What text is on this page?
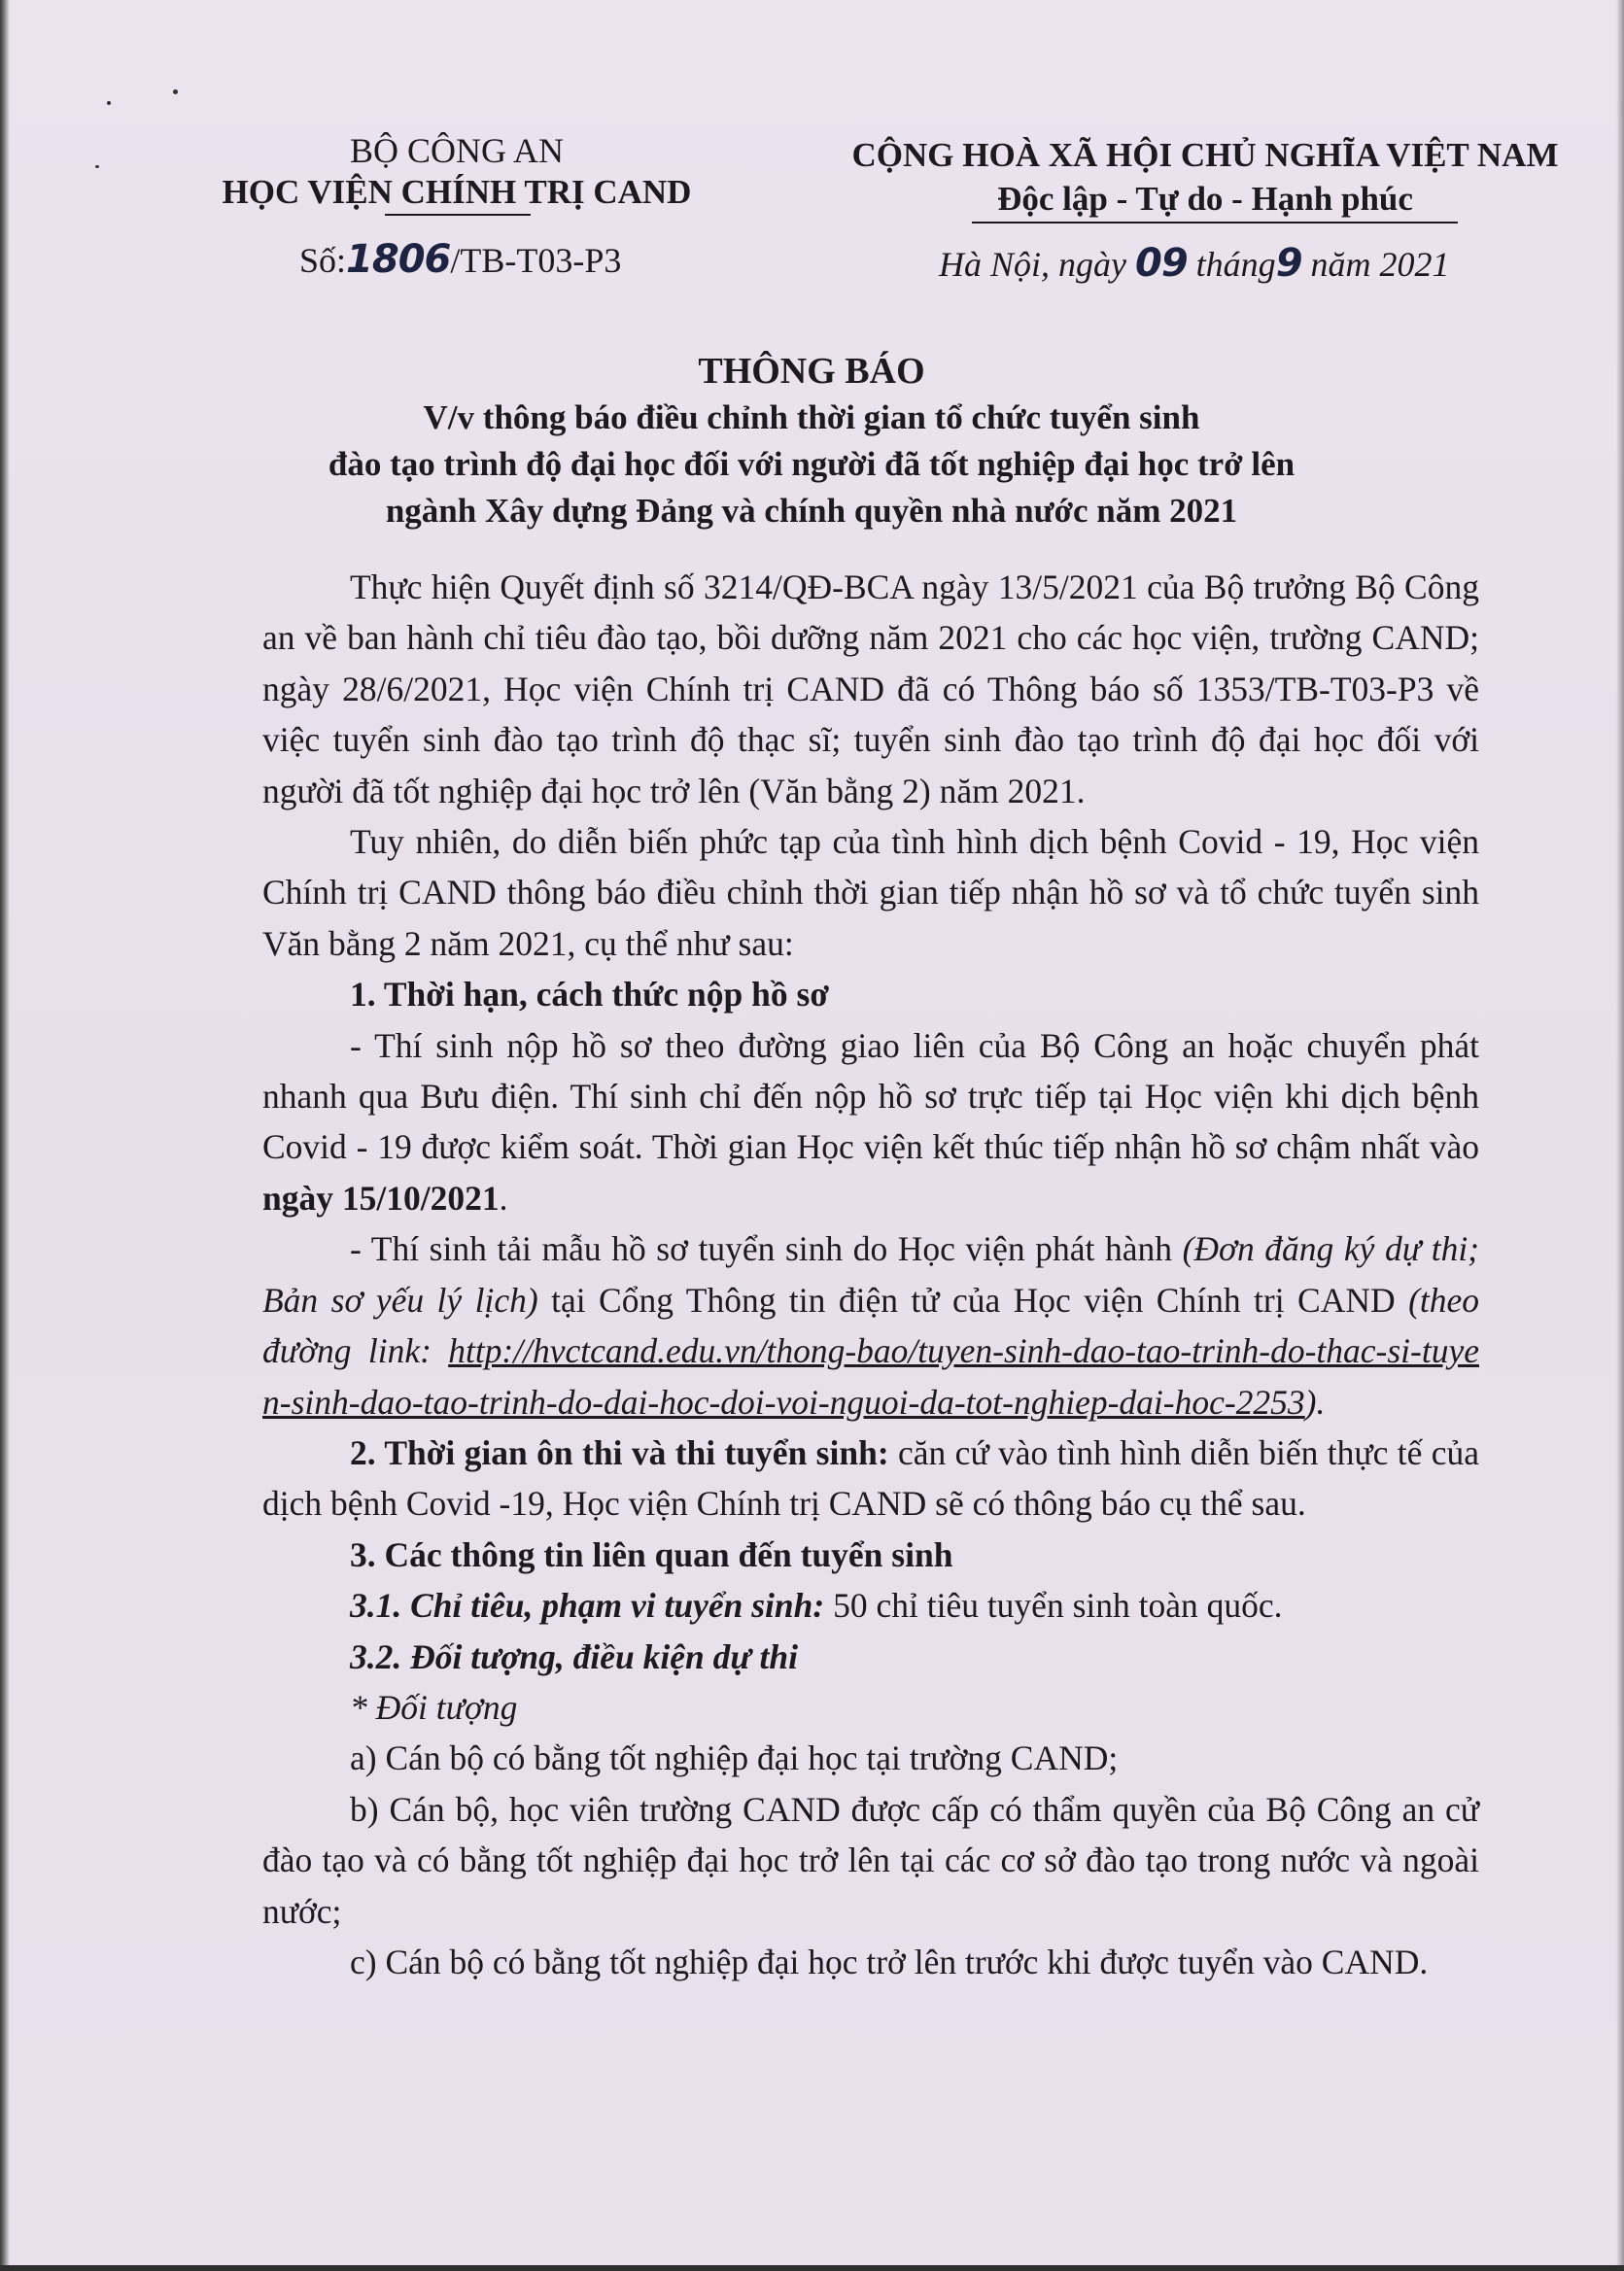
BỘ CÔNG AN
HỌC VIỆN CHÍNH TRỊ CAND
Số:1806/TB-T03-P3
CỘNG HOÀ XÃ HỘI CHỦ NGHĨA VIỆT NAM
Độc lập - Tự do - Hạnh phúc
Hà Nội, ngày 09 tháng9 năm 2021
THÔNG BÁO
V/v thông báo điều chỉnh thời gian tổ chức tuyển sinh
đào tạo trình độ đại học đối với người đã tốt nghiệp đại học trở lên
ngành Xây dựng Đảng và chính quyền nhà nước năm 2021

Thực hiện Quyết định số 3214/QĐ-BCA ngày 13/5/2021 của Bộ trưởng Bộ Công an về ban hành chỉ tiêu đào tạo, bồi dưỡng năm 2021 cho các học viện, trường CAND; ngày 28/6/2021, Học viện Chính trị CAND đã có Thông báo số 1353/TB-T03-P3 về việc tuyển sinh đào tạo trình độ thạc sĩ; tuyển sinh đào tạo trình độ đại học đối với người đã tốt nghiệp đại học trở lên (Văn bằng 2) năm 2021.

Tuy nhiên, do diễn biến phức tạp của tình hình dịch bệnh Covid - 19, Học viện Chính trị CAND thông báo điều chỉnh thời gian tiếp nhận hồ sơ và tổ chức tuyển sinh Văn bằng 2 năm 2021, cụ thể như sau:

1. Thời hạn, cách thức nộp hồ sơ

- Thí sinh nộp hồ sơ theo đường giao liên của Bộ Công an hoặc chuyển phát nhanh qua Bưu điện. Thí sinh chỉ đến nộp hồ sơ trực tiếp tại Học viện khi dịch bệnh Covid - 19 được kiểm soát. Thời gian Học viện kết thúc tiếp nhận hồ sơ chậm nhất vào ngày 15/10/2021.

- Thí sinh tải mẫu hồ sơ tuyển sinh do Học viện phát hành (Đơn đăng ký dự thi; Bản sơ yếu lý lịch) tại Cổng Thông tin điện tử của Học viện Chính trị CAND (theo đường link: http://hvctcand.edu.vn/thong-bao/tuyen-sinh-dao-tao-trinh-do-thac-si-tuyen-sinh-dao-tao-trinh-do-dai-hoc-doi-voi-nguoi-da-tot-nghiep-dai-hoc-2253).

2. Thời gian ôn thi và thi tuyển sinh: căn cứ vào tình hình diễn biến thực tế của dịch bệnh Covid -19, Học viện Chính trị CAND sẽ có thông báo cụ thể sau.

3. Các thông tin liên quan đến tuyển sinh

3.1. Chỉ tiêu, phạm vi tuyển sinh: 50 chỉ tiêu tuyển sinh toàn quốc.

3.2. Đối tượng, điều kiện dự thi

* Đối tượng

a) Cán bộ có bằng tốt nghiệp đại học tại trường CAND;

b) Cán bộ, học viên trường CAND được cấp có thẩm quyền của Bộ Công an cử đào tạo và có bằng tốt nghiệp đại học trở lên tại các cơ sở đào tạo trong nước và ngoài nước;

c) Cán bộ có bằng tốt nghiệp đại học trở lên trước khi được tuyển vào CAND.
